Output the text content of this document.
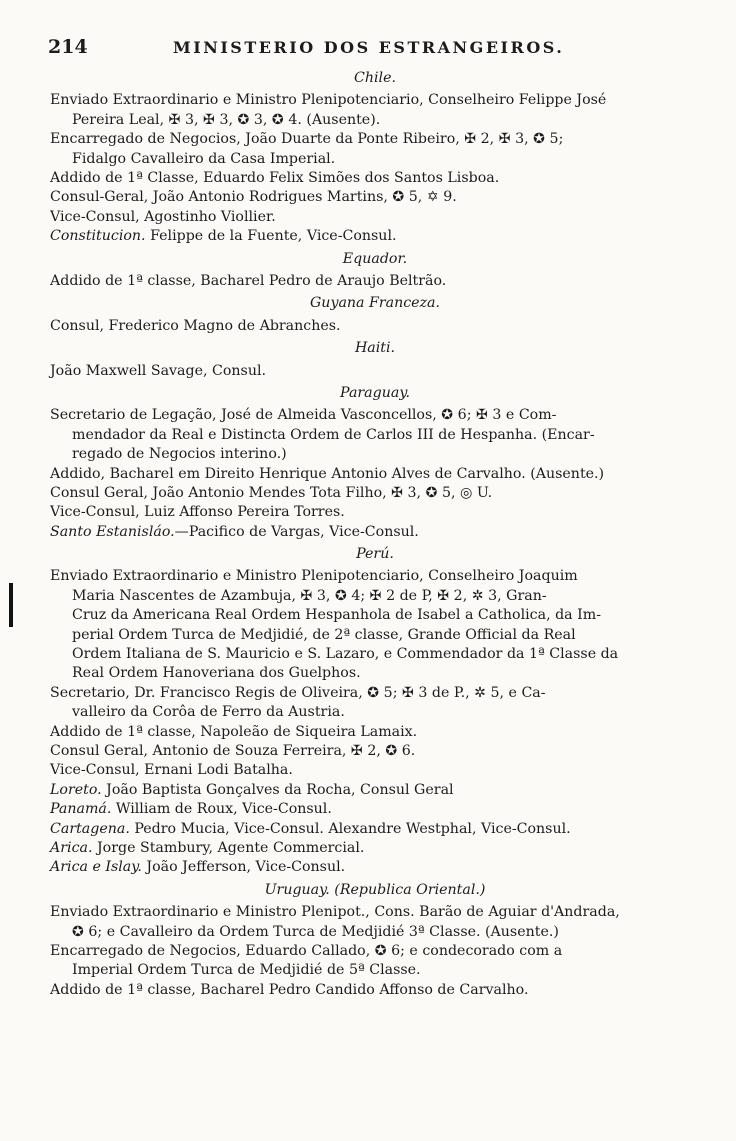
214	MINISTERIO DOS ESTRANGEIROS.
Chile.
Enviado Extraordinario e Ministro Plenipotenciario, Conselheiro Felippe José
Pereira Leal, ✠ 3, ✠ 3, ✪ 3, ✪ 4. (Ausente).
Encarregado de Negocios, João Duarte da Ponte Ribeiro, ✠ 2, ✠ 3, ✪ 5;
Fidalgo Cavalleiro da Casa Imperial.
Addido de 1ª Classe, Eduardo Felix Simões dos Santos Lisboa.
Consul-Geral, João Antonio Rodrigues Martins, ✪ 5, ✡ 9.
Vice-Consul, Agostinho Viollier.
Constitucion. Felippe de la Fuente, Vice-Consul.
Equador.
Addido de 1ª classe, Bacharel Pedro de Araujo Beltrão.
Guyana Franceza.
Consul, Frederico Magno de Abranches.
Haiti.
João Maxwell Savage, Consul.
Paraguay.
Secretario de Legação, José de Almeida Vasconcellos, ✪ 6; ✠ 3 e Com-
mendador da Real e Distincta Ordem de Carlos III de Hespanha. (Encar-
regado de Negocios interino.)
Addido, Bacharel em Direito Henrique Antonio Alves de Carvalho. (Ausente.)
Consul Geral, João Antonio Mendes Tota Filho, ✠ 3, ✪ 5, ◎ U.
Vice-Consul, Luiz Affonso Pereira Torres.
Santo Estanisláo.—Pacifico de Vargas, Vice-Consul.
Perú.
Enviado Extraordinario e Ministro Plenipotenciario, Conselheiro Joaquim
Maria Nascentes de Azambuja, ✠ 3, ✪ 4; ✠ 2 de P, ✠ 2, ✲ 3, Gran-
Cruz da Americana Real Ordem Hespanhola de Isabel a Catholica, da Im-
perial Ordem Turca de Medjidié, de 2ª classe, Grande Official da Real
Ordem Italiana de S. Mauricio e S. Lazaro, e Commendador da 1ª Classe da
Real Ordem Hanoveriana dos Guelphos.
Secretario, Dr. Francisco Regis de Oliveira, ✪ 5; ✠ 3 de P., ✲ 5, e Ca-
valleiro da Corôa de Ferro da Austria.
Addido de 1ª classe, Napoleão de Siqueira Lamaix.
Consul Geral, Antonio de Souza Ferreira, ✠ 2, ✪ 6.
Vice-Consul, Ernani Lodi Batalha.
Loreto. João Baptista Gonçalves da Rocha, Consul Geral
Panamá. William de Roux, Vice-Consul.
Cartagena. Pedro Mucia, Vice-Consul. Alexandre Westphal, Vice-Consul.
Arica. Jorge Stambury, Agente Commercial.
Arica e Islay. João Jefferson, Vice-Consul.
Uruguay. (Republica Oriental.)
Enviado Extraordinario e Ministro Plenipot., Cons. Barão de Aguiar d'Andrada,
✪ 6; e Cavalleiro da Ordem Turca de Medjidié 3ª Classe. (Ausente.)
Encarregado de Negocios, Eduardo Callado, ✪ 6; e condecorado com a
Imperial Ordem Turca de Medjidié de 5ª Classe.
Addido de 1ª classe, Bacharel Pedro Candido Affonso de Carvalho.
